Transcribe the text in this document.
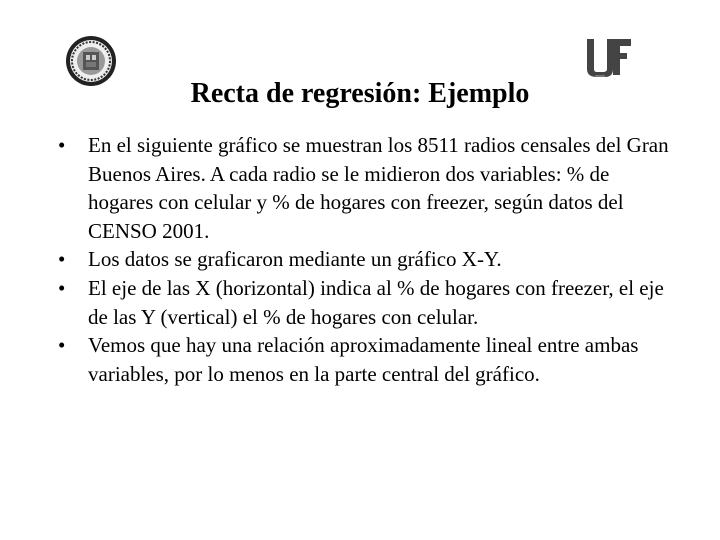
Recta de regresión: Ejemplo
• En el siguiente gráfico se muestran los 8511 radios censales del Gran Buenos Aires. A cada radio se le midieron dos variables: % de hogares con celular y % de hogares con freezer, según datos del CENSO 2001.
• Los datos se graficaron mediante un gráfico X-Y.
• El eje de las X (horizontal) indica al % de hogares con freezer, el eje de las Y (vertical) el % de hogares con celular.
• Vemos que hay una relación aproximadamente lineal entre ambas variables, por lo menos en la parte central del gráfico.
